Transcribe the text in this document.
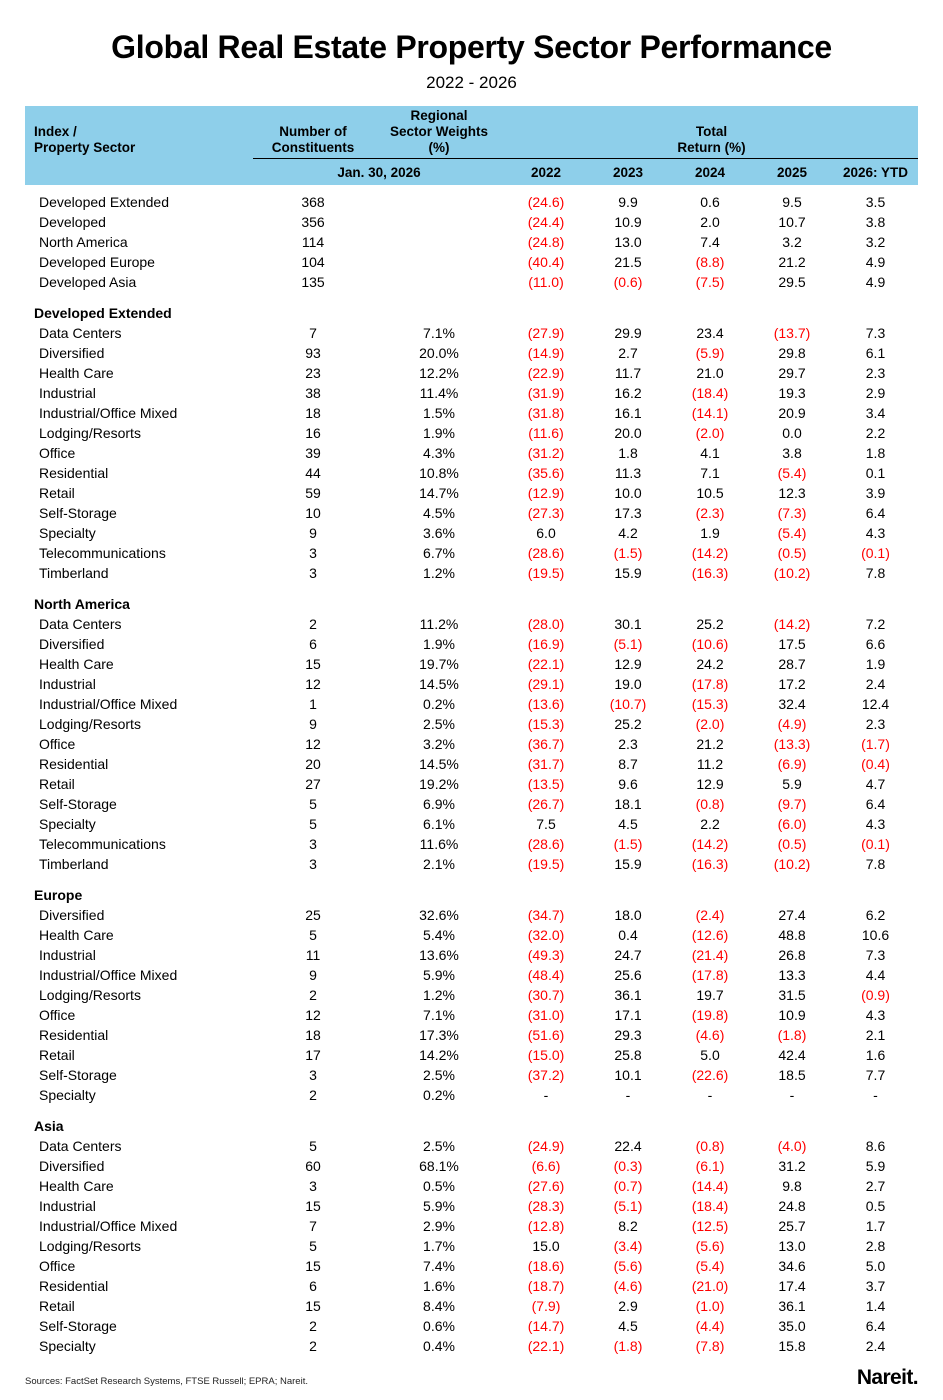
Global Real Estate Property Sector Performance
2022 - 2026
		Regional					
Index /	Number of	Sector Weights	Total				
Property Sector	Constituents	(%)	Return (%)				

	Jan. 30, 2026		2022	2023	2024	2025	2026: YTD

Developed Extended	368		(24.6)	9.9	0.6	9.5	3.5
Developed	356		(24.4)	10.9	2.0	10.7	3.8
North America	114		(24.8)	13.0	7.4	3.2	3.2
Developed Europe	104		(40.4)	21.5	(8.8)	21.2	4.9
Developed Asia	135		(11.0)	(0.6)	(7.5)	29.5	4.9

Developed Extended							
Data Centers	7	7.1%	(27.9)	29.9	23.4	(13.7)	7.3
Diversified	93	20.0%	(14.9)	2.7	(5.9)	29.8	6.1
Health Care	23	12.2%	(22.9)	11.7	21.0	29.7	2.3
Industrial	38	11.4%	(31.9)	16.2	(18.4)	19.3	2.9
Industrial/Office Mixed	18	1.5%	(31.8)	16.1	(14.1)	20.9	3.4
Lodging/Resorts	16	1.9%	(11.6)	20.0	(2.0)	0.0	2.2
Office	39	4.3%	(31.2)	1.8	4.1	3.8	1.8
Residential	44	10.8%	(35.6)	11.3	7.1	(5.4)	0.1
Retail	59	14.7%	(12.9)	10.0	10.5	12.3	3.9
Self-Storage	10	4.5%	(27.3)	17.3	(2.3)	(7.3)	6.4
Specialty	9	3.6%	6.0	4.2	1.9	(5.4)	4.3
Telecommunications	3	6.7%	(28.6)	(1.5)	(14.2)	(0.5)	(0.1)
Timberland	3	1.2%	(19.5)	15.9	(16.3)	(10.2)	7.8

North America							
Data Centers	2	11.2%	(28.0)	30.1	25.2	(14.2)	7.2
Diversified	6	1.9%	(16.9)	(5.1)	(10.6)	17.5	6.6
Health Care	15	19.7%	(22.1)	12.9	24.2	28.7	1.9
Industrial	12	14.5%	(29.1)	19.0	(17.8)	17.2	2.4
Industrial/Office Mixed	1	0.2%	(13.6)	(10.7)	(15.3)	32.4	12.4
Lodging/Resorts	9	2.5%	(15.3)	25.2	(2.0)	(4.9)	2.3
Office	12	3.2%	(36.7)	2.3	21.2	(13.3)	(1.7)
Residential	20	14.5%	(31.7)	8.7	11.2	(6.9)	(0.4)
Retail	27	19.2%	(13.5)	9.6	12.9	5.9	4.7
Self-Storage	5	6.9%	(26.7)	18.1	(0.8)	(9.7)	6.4
Specialty	5	6.1%	7.5	4.5	2.2	(6.0)	4.3
Telecommunications	3	11.6%	(28.6)	(1.5)	(14.2)	(0.5)	(0.1)
Timberland	3	2.1%	(19.5)	15.9	(16.3)	(10.2)	7.8

Europe							
Diversified	25	32.6%	(34.7)	18.0	(2.4)	27.4	6.2
Health Care	5	5.4%	(32.0)	0.4	(12.6)	48.8	10.6
Industrial	11	13.6%	(49.3)	24.7	(21.4)	26.8	7.3
Industrial/Office Mixed	9	5.9%	(48.4)	25.6	(17.8)	13.3	4.4
Lodging/Resorts	2	1.2%	(30.7)	36.1	19.7	31.5	(0.9)
Office	12	7.1%	(31.0)	17.1	(19.8)	10.9	4.3
Residential	18	17.3%	(51.6)	29.3	(4.6)	(1.8)	2.1
Retail	17	14.2%	(15.0)	25.8	5.0	42.4	1.6
Self-Storage	3	2.5%	(37.2)	10.1	(22.6)	18.5	7.7
Specialty	2	0.2%	-	-	-	-	-

Asia							
Data Centers	5	2.5%	(24.9)	22.4	(0.8)	(4.0)	8.6
Diversified	60	68.1%	(6.6)	(0.3)	(6.1)	31.2	5.9
Health Care	3	0.5%	(27.6)	(0.7)	(14.4)	9.8	2.7
Industrial	15	5.9%	(28.3)	(5.1)	(18.4)	24.8	0.5
Industrial/Office Mixed	7	2.9%	(12.8)	8.2	(12.5)	25.7	1.7
Lodging/Resorts	5	1.7%	15.0	(3.4)	(5.6)	13.0	2.8
Office	15	7.4%	(18.6)	(5.6)	(5.4)	34.6	5.0
Residential	6	1.6%	(18.7)	(4.6)	(21.0)	17.4	3.7
Retail	15	8.4%	(7.9)	2.9	(1.0)	36.1	1.4
Self-Storage	2	0.6%	(14.7)	4.5	(4.4)	35.0	6.4
Specialty	2	0.4%	(22.1)	(1.8)	(7.8)	15.8	2.4
Sources: FactSet Research Systems, FTSE Russell; EPRA; Nareit.	Nareit.
